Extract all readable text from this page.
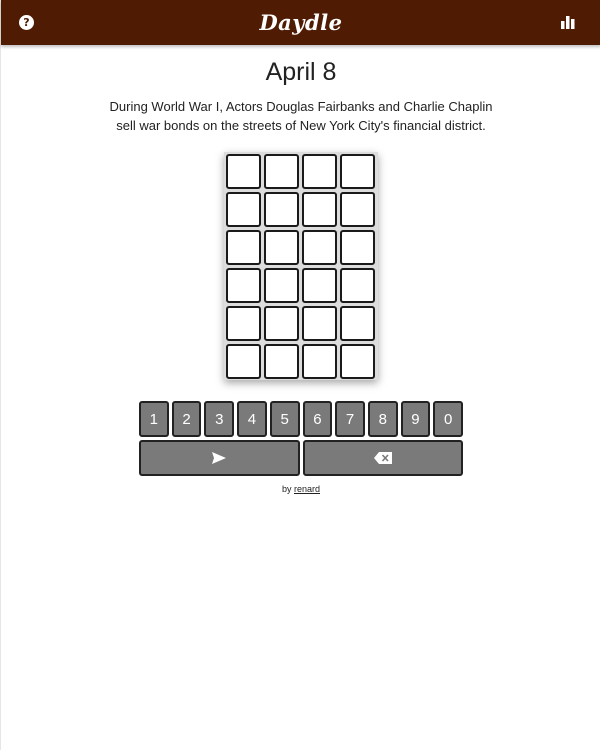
?	Daydle
April 8
During World War I, Actors Douglas Fairbanks and Charlie Chaplin sell war bonds on the streets of New York City's financial district.
1	2	3	4	5	6	7	8	9	0
by renard
